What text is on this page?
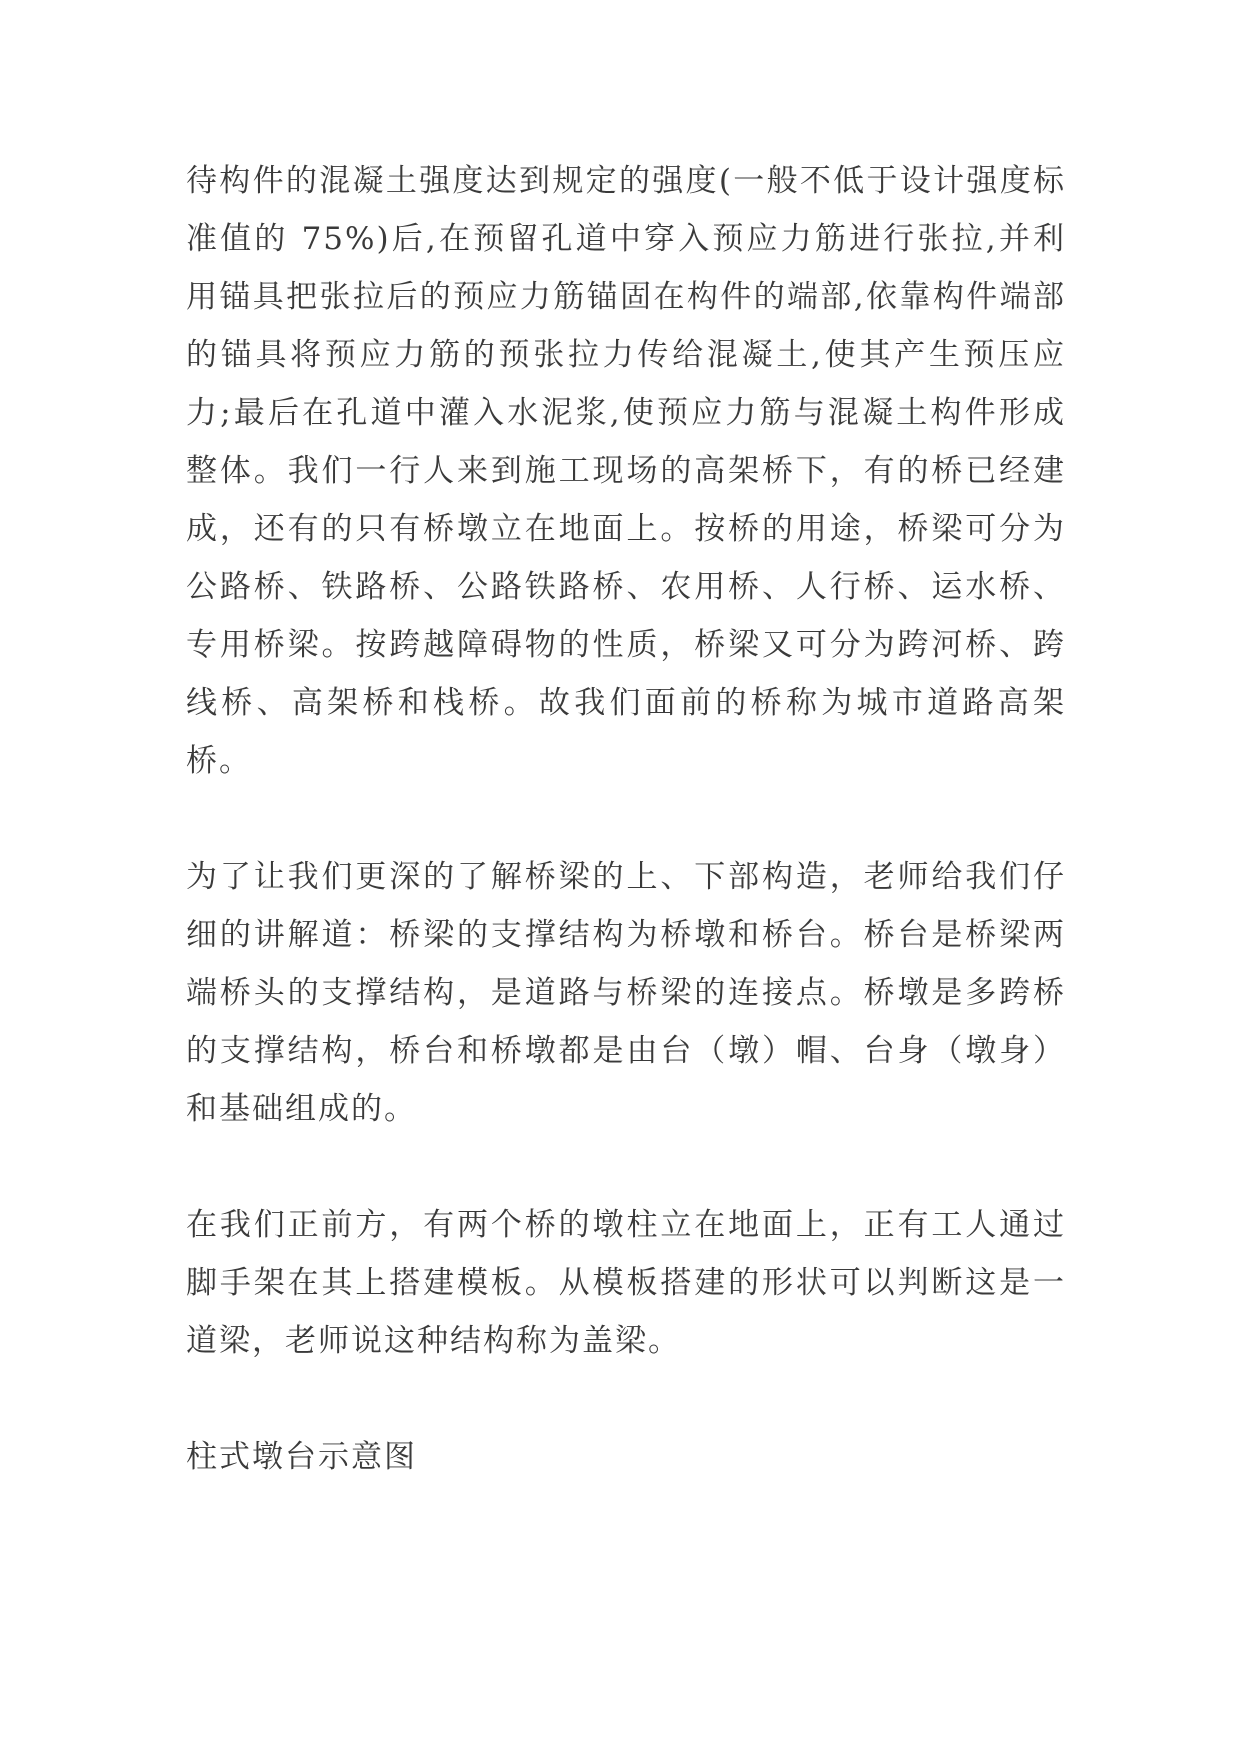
待构件的混凝土强度达到规定的强度(一般不低于设计强度标准值的 75%)后,在预留孔道中穿入预应力筋进行张拉,并利用锚具把张拉后的预应力筋锚固在构件的端部,依靠构件端部的锚具将预应力筋的预张拉力传给混凝土,使其产生预压应力;最后在孔道中灌入水泥浆,使预应力筋与混凝土构件形成整体。我们一行人来到施工现场的高架桥下，有的桥已经建成，还有的只有桥墩立在地面上。按桥的用途，桥梁可分为公路桥、铁路桥、公路铁路桥、农用桥、人行桥、运水桥、专用桥梁。按跨越障碍物的性质，桥梁又可分为跨河桥、跨线桥、高架桥和栈桥。故我们面前的桥称为城市道路高架桥。

为了让我们更深的了解桥梁的上、下部构造，老师给我们仔细的讲解道：桥梁的支撑结构为桥墩和桥台。桥台是桥梁两端桥头的支撑结构，是道路与桥梁的连接点。桥墩是多跨桥的支撑结构，桥台和桥墩都是由台（墩）帽、台身（墩身）和基础组成的。

在我们正前方，有两个桥的墩柱立在地面上，正有工人通过脚手架在其上搭建模板。从模板搭建的形状可以判断这是一道梁，老师说这种结构称为盖梁。

柱式墩台示意图
